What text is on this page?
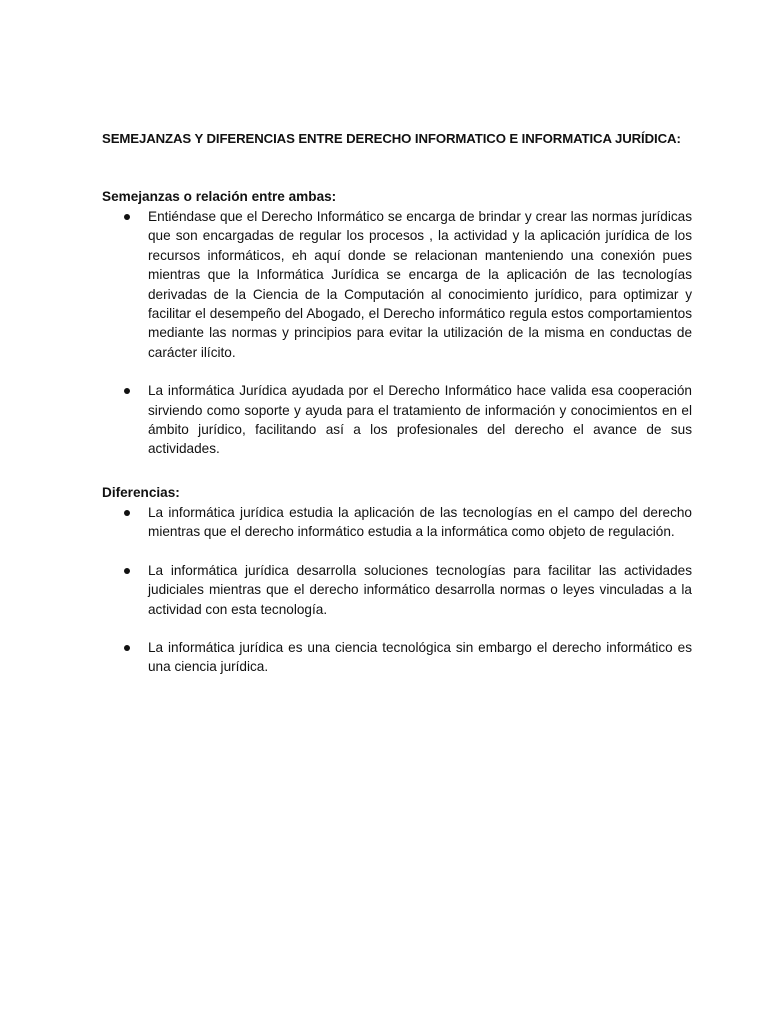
SEMEJANZAS Y DIFERENCIAS ENTRE DERECHO INFORMATICO E INFORMATICA JURÍDICA:
Semejanzas o relación entre ambas:
Entiéndase que el Derecho Informático se encarga de brindar y crear las normas jurídicas que son encargadas de regular los procesos , la actividad y la aplicación jurídica de los recursos informáticos, eh aquí donde se relacionan manteniendo una conexión pues mientras que la Informática Jurídica se encarga de la aplicación de las tecnologías derivadas de la Ciencia de la Computación al conocimiento jurídico, para optimizar y facilitar el desempeño del Abogado, el Derecho informático regula estos comportamientos mediante las normas y principios para evitar la utilización de la misma en conductas de carácter ilícito.
La informática Jurídica ayudada por el Derecho Informático hace valida esa cooperación sirviendo como soporte y ayuda para el tratamiento de información y conocimientos en el ámbito jurídico, facilitando así a los profesionales del derecho el avance de sus actividades.
Diferencias:
La informática jurídica estudia la aplicación de las tecnologías en el campo del derecho mientras que el derecho informático estudia a la informática como objeto de regulación.
La informática jurídica desarrolla soluciones tecnologías para facilitar las actividades judiciales mientras que el derecho informático desarrolla normas o leyes vinculadas a la actividad con esta tecnología.
La informática jurídica es una ciencia tecnológica sin embargo el derecho informático es una ciencia jurídica.
